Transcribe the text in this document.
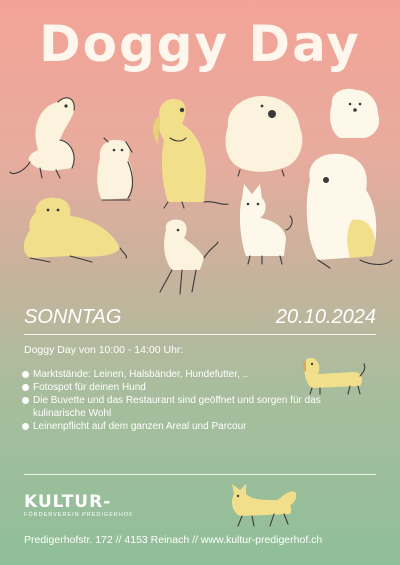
Doggy Day
SONNTAG	20.10.2024
Doggy Day von 10:00 - 14:00 Uhr:
Marktstände: Leinen, Halsbänder, Hundefutter, ..
Fotospot für deinen Hund
Die Buvette und das Restaurant sind geöffnet und sorgen für das kulinarische Wohl
Leinenpflicht auf dem ganzen Areal und Parcour
KULTUR-
FÖRDERVEREIN PREDIGERHOF
Predigerhofstr. 172 // 4153 Reinach // www.kultur-predigerhof.ch
